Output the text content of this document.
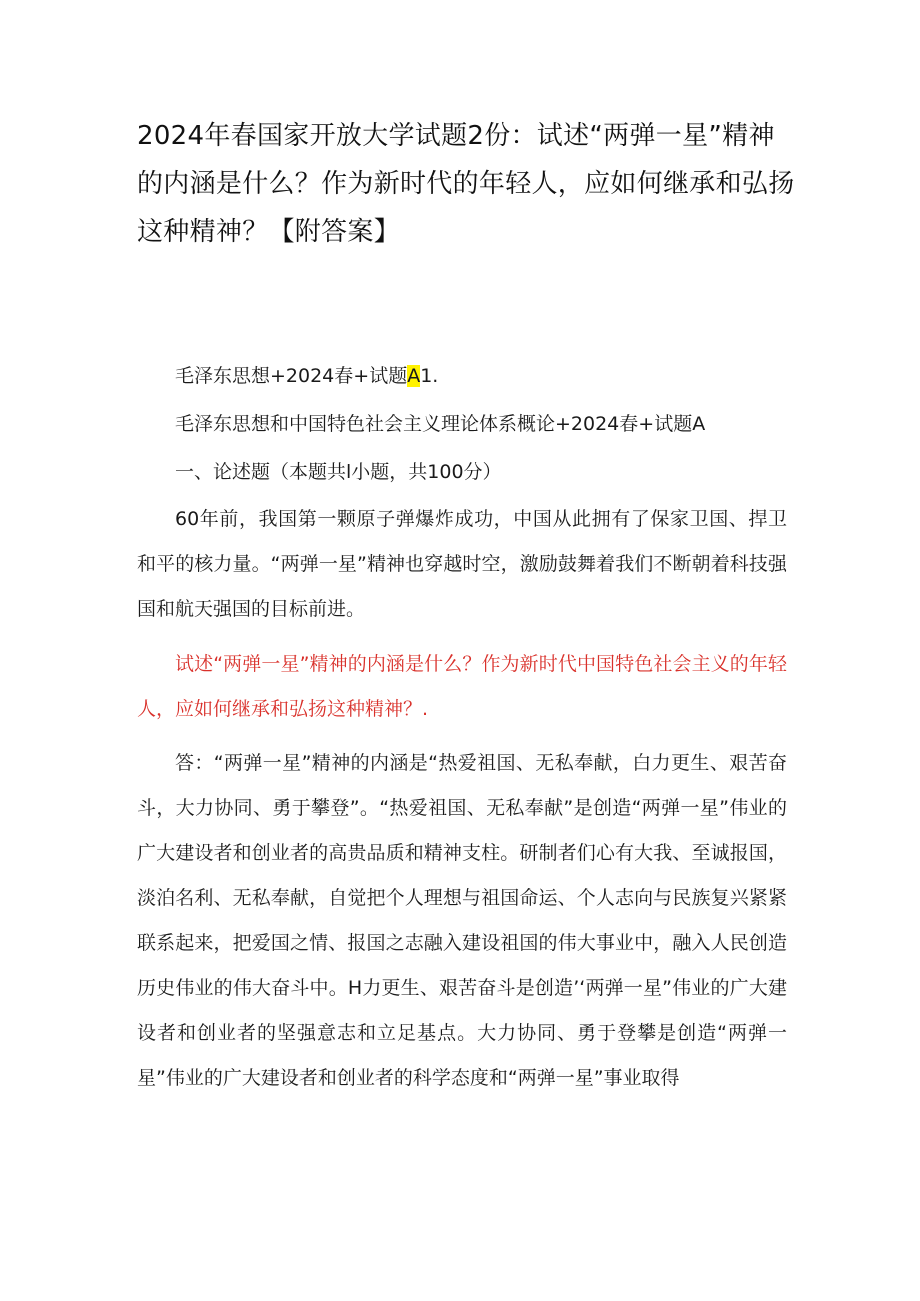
2024年春国家开放大学试题2份：试述“两弹一星”精神的内涵是什么？作为新时代的年轻人，应如何继承和弘扬这种精神？【附答案】

毛泽东思想+2024春+试题A1.

毛泽东思想和中国特色社会主义理论体系概论+2024春+试题A

一、论述题（本题共l小题，共100分）

60年前，我国第一颗原子弹爆炸成功，中国从此拥有了保家卫国、捍卫和平的核力量。“两弹一星”精神也穿越时空，激励鼓舞着我们不断朝着科技强国和航天强国的目标前进。

试述“两弹一星”精神的内涵是什么？作为新时代中国特色社会主义的年轻人，应如何继承和弘扬这种精神？.

答：“两弹一星”精神的内涵是“热爱祖国、无私奉献，白力更生、艰苦奋斗，大力协同、勇于攀登”。“热爱祖国、无私奉献”是创造“两弹一星”伟业的广大建设者和创业者的高贵品质和精神支柱。研制者们心有大我、至诚报国，淡泊名利、无私奉献，自觉把个人理想与祖国命运、个人志向与民族复兴紧紧联系起来，把爱国之情、报国之志融入建设祖国的伟大事业中，融入人民创造历史伟业的伟大奋斗中。H力更生、艰苦奋斗是创造’‘两弹一星”伟业的广大建设者和创业者的坚强意志和立足基点。大力协同、勇于登攀是创造“两弹一星”伟业的广大建设者和创业者的科学态度和“两弹一星”事业取得
